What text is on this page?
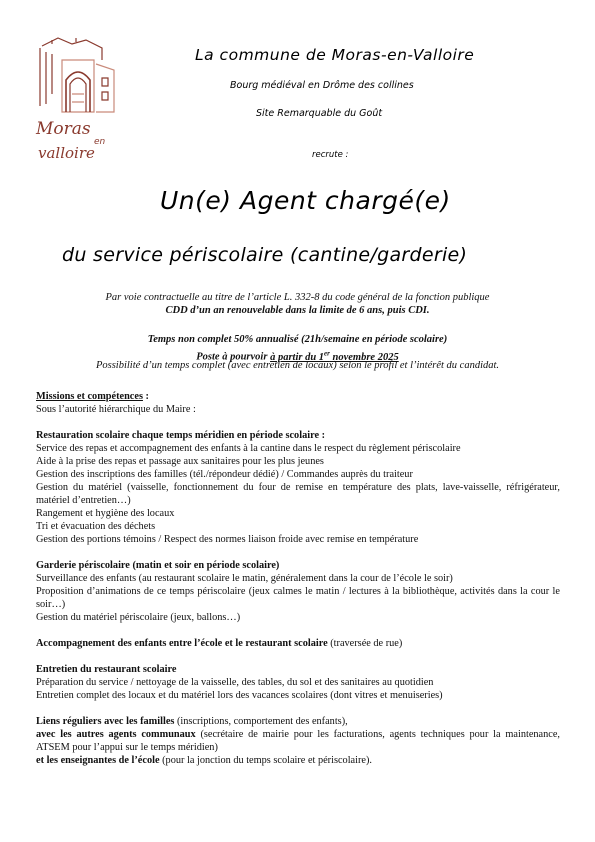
Moras
en
valloire
La commune de Moras-en-Valloire
Bourg médiéval en Drôme des collines
Site Remarquable du Goût
recrute :
Un(e) Agent chargé(e)
du service périscolaire (cantine/garderie)
Par voie contractuelle au titre de l’article L. 332-8 du code général de la fonction publique
CDD d’un an renouvelable dans la limite de 6 ans, puis CDI.
Temps non complet 50% annualisé (21h/semaine en période scolaire)
Poste à pourvoir à partir du 1er novembre 2025
Possibilité d’un temps complet (avec entretien de locaux) selon le profil et l’intérêt du candidat.

Missions et compétences :

Sous l’autorité hiérarchique du Maire :

Restauration scolaire chaque temps méridien en période scolaire :

Service des repas et accompagnement des enfants à la cantine dans le respect du règlement périscolaire

Aide à la prise des repas et passage aux sanitaires pour les plus jeunes

Gestion des inscriptions des familles (tél./répondeur dédié) / Commandes auprès du traiteur

Gestion du matériel (vaisselle, fonctionnement du four de remise en température des plats, lave-vaisselle, réfrigérateur, matériel d’entretien…)

Rangement et hygiène des locaux

Tri et évacuation des déchets

Gestion des portions témoins / Respect des normes liaison froide avec remise en température

Garderie périscolaire (matin et soir en période scolaire)

Surveillance des enfants (au restaurant scolaire le matin, généralement dans la cour de l’école le soir)

Proposition d’animations de ce temps périscolaire (jeux calmes le matin / lectures à la bibliothèque, activités dans la cour le soir…)

Gestion du matériel périscolaire (jeux, ballons…)

Accompagnement des enfants entre l’école et le restaurant scolaire (traversée de rue)

Entretien du restaurant scolaire

Préparation du service / nettoyage de la vaisselle, des tables, du sol et des sanitaires au quotidien

Entretien complet des locaux et du matériel lors des vacances scolaires (dont vitres et menuiseries)

Liens réguliers avec les familles (inscriptions, comportement des enfants),

avec les autres agents communaux (secrétaire de mairie pour les facturations, agents techniques pour la maintenance, ATSEM pour l’appui sur le temps méridien)

et les enseignantes de l’école (pour la jonction du temps scolaire et périscolaire).
